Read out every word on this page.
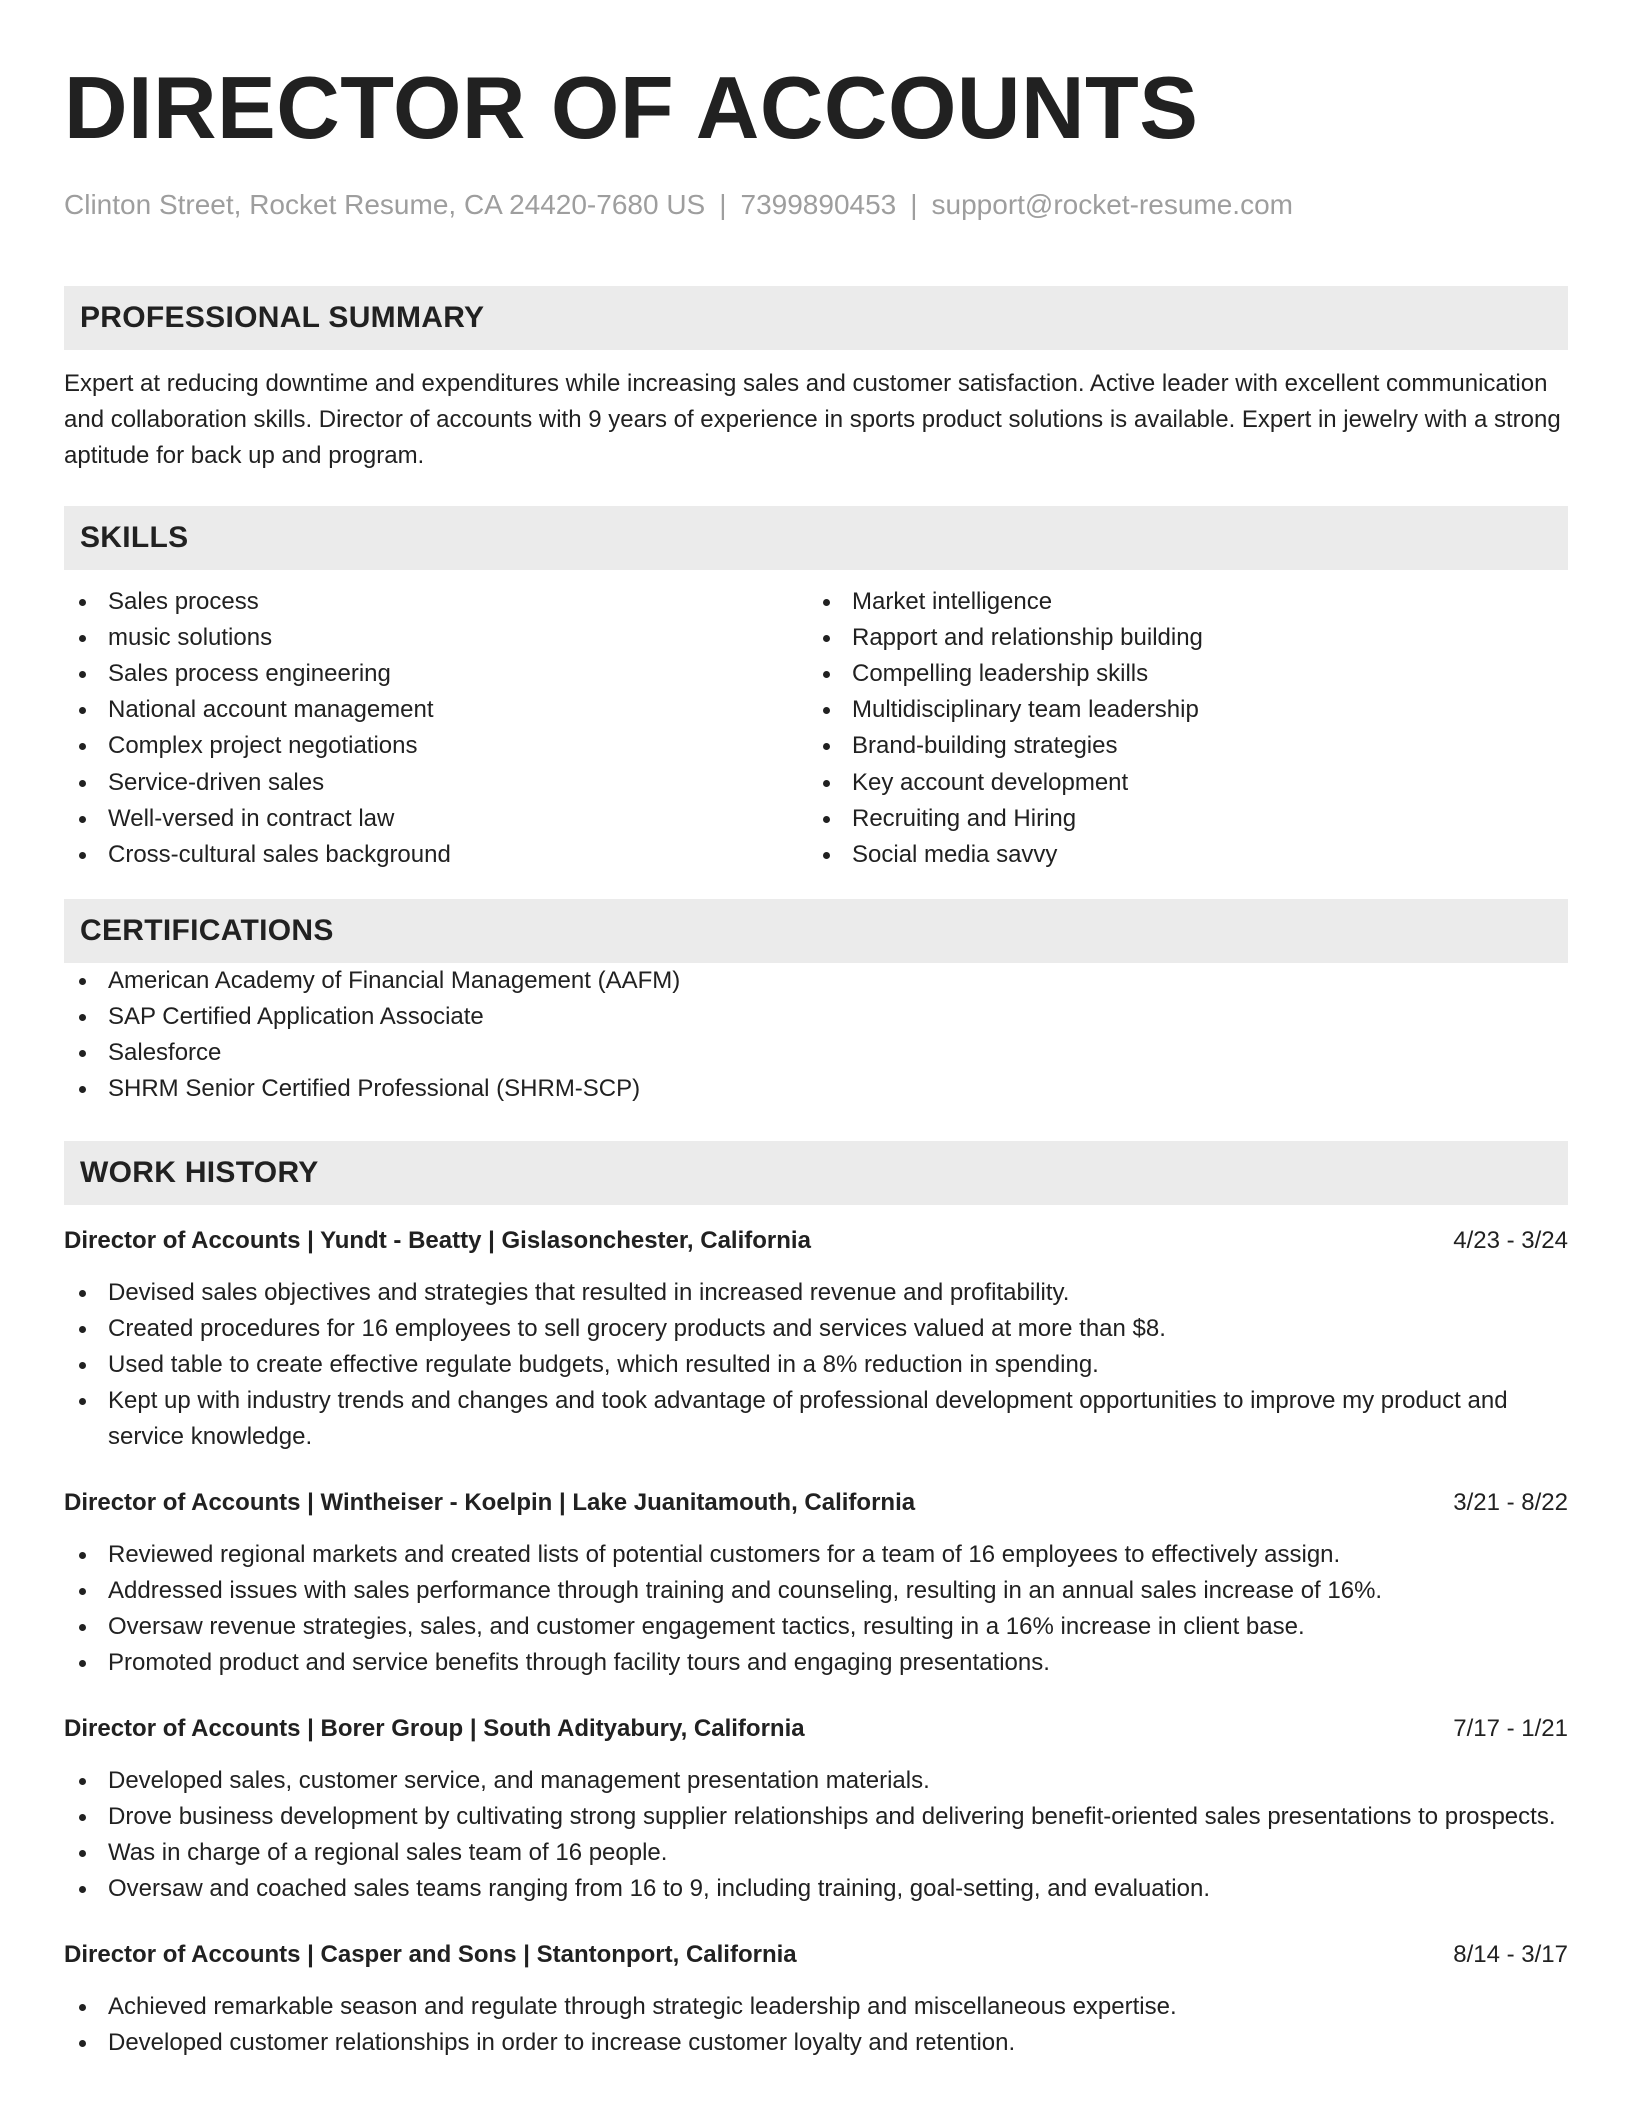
DIRECTOR OF ACCOUNTS
Clinton Street, Rocket Resume, CA 24420-7680 US | 7399890453 | support@rocket-resume.com
PROFESSIONAL SUMMARY
Expert at reducing downtime and expenditures while increasing sales and customer satisfaction. Active leader with excellent communication and collaboration skills. Director of accounts with 9 years of experience in sports product solutions is available. Expert in jewelry with a strong aptitude for back up and program.
SKILLS
Sales process
music solutions
Sales process engineering
National account management
Complex project negotiations
Service-driven sales
Well-versed in contract law
Cross-cultural sales background
Market intelligence
Rapport and relationship building
Compelling leadership skills
Multidisciplinary team leadership
Brand-building strategies
Key account development
Recruiting and Hiring
Social media savvy
CERTIFICATIONS
American Academy of Financial Management (AAFM)
SAP Certified Application Associate
Salesforce
SHRM Senior Certified Professional (SHRM-SCP)
WORK HISTORY
Director of Accounts | Yundt - Beatty | Gislasonchester, California	4/23 - 3/24
Devised sales objectives and strategies that resulted in increased revenue and profitability.
Created procedures for 16 employees to sell grocery products and services valued at more than $8.
Used table to create effective regulate budgets, which resulted in a 8% reduction in spending.
Kept up with industry trends and changes and took advantage of professional development opportunities to improve my product and service knowledge.
Director of Accounts | Wintheiser - Koelpin | Lake Juanitamouth, California	3/21 - 8/22
Reviewed regional markets and created lists of potential customers for a team of 16 employees to effectively assign.
Addressed issues with sales performance through training and counseling, resulting in an annual sales increase of 16%.
Oversaw revenue strategies, sales, and customer engagement tactics, resulting in a 16% increase in client base.
Promoted product and service benefits through facility tours and engaging presentations.
Director of Accounts | Borer Group | South Adityabury, California	7/17 - 1/21
Developed sales, customer service, and management presentation materials.
Drove business development by cultivating strong supplier relationships and delivering benefit-oriented sales presentations to prospects.
Was in charge of a regional sales team of 16 people.
Oversaw and coached sales teams ranging from 16 to 9, including training, goal-setting, and evaluation.
Director of Accounts | Casper and Sons | Stantonport, California	8/14 - 3/17
Achieved remarkable season and regulate through strategic leadership and miscellaneous expertise.
Developed customer relationships in order to increase customer loyalty and retention.
